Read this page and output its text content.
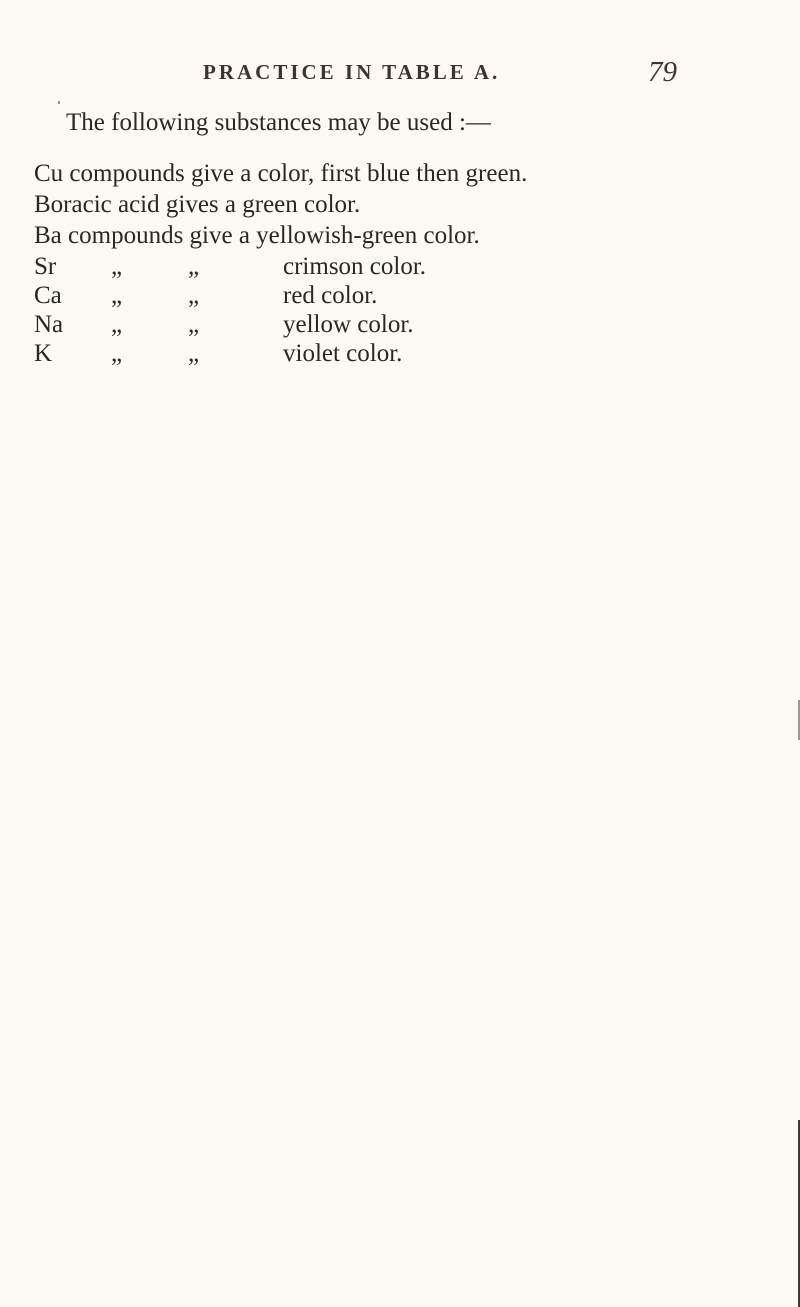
PRACTICE IN TABLE A.	79
The following substances may be used :—
Cu compounds give a color, first blue then green.
Boracic acid gives a green color.
Ba compounds give a yellowish-green color.
Sr „	„	crimson color.
Ca „	„	red color.
Na „	„	yellow color.
K „	„	violet color.
